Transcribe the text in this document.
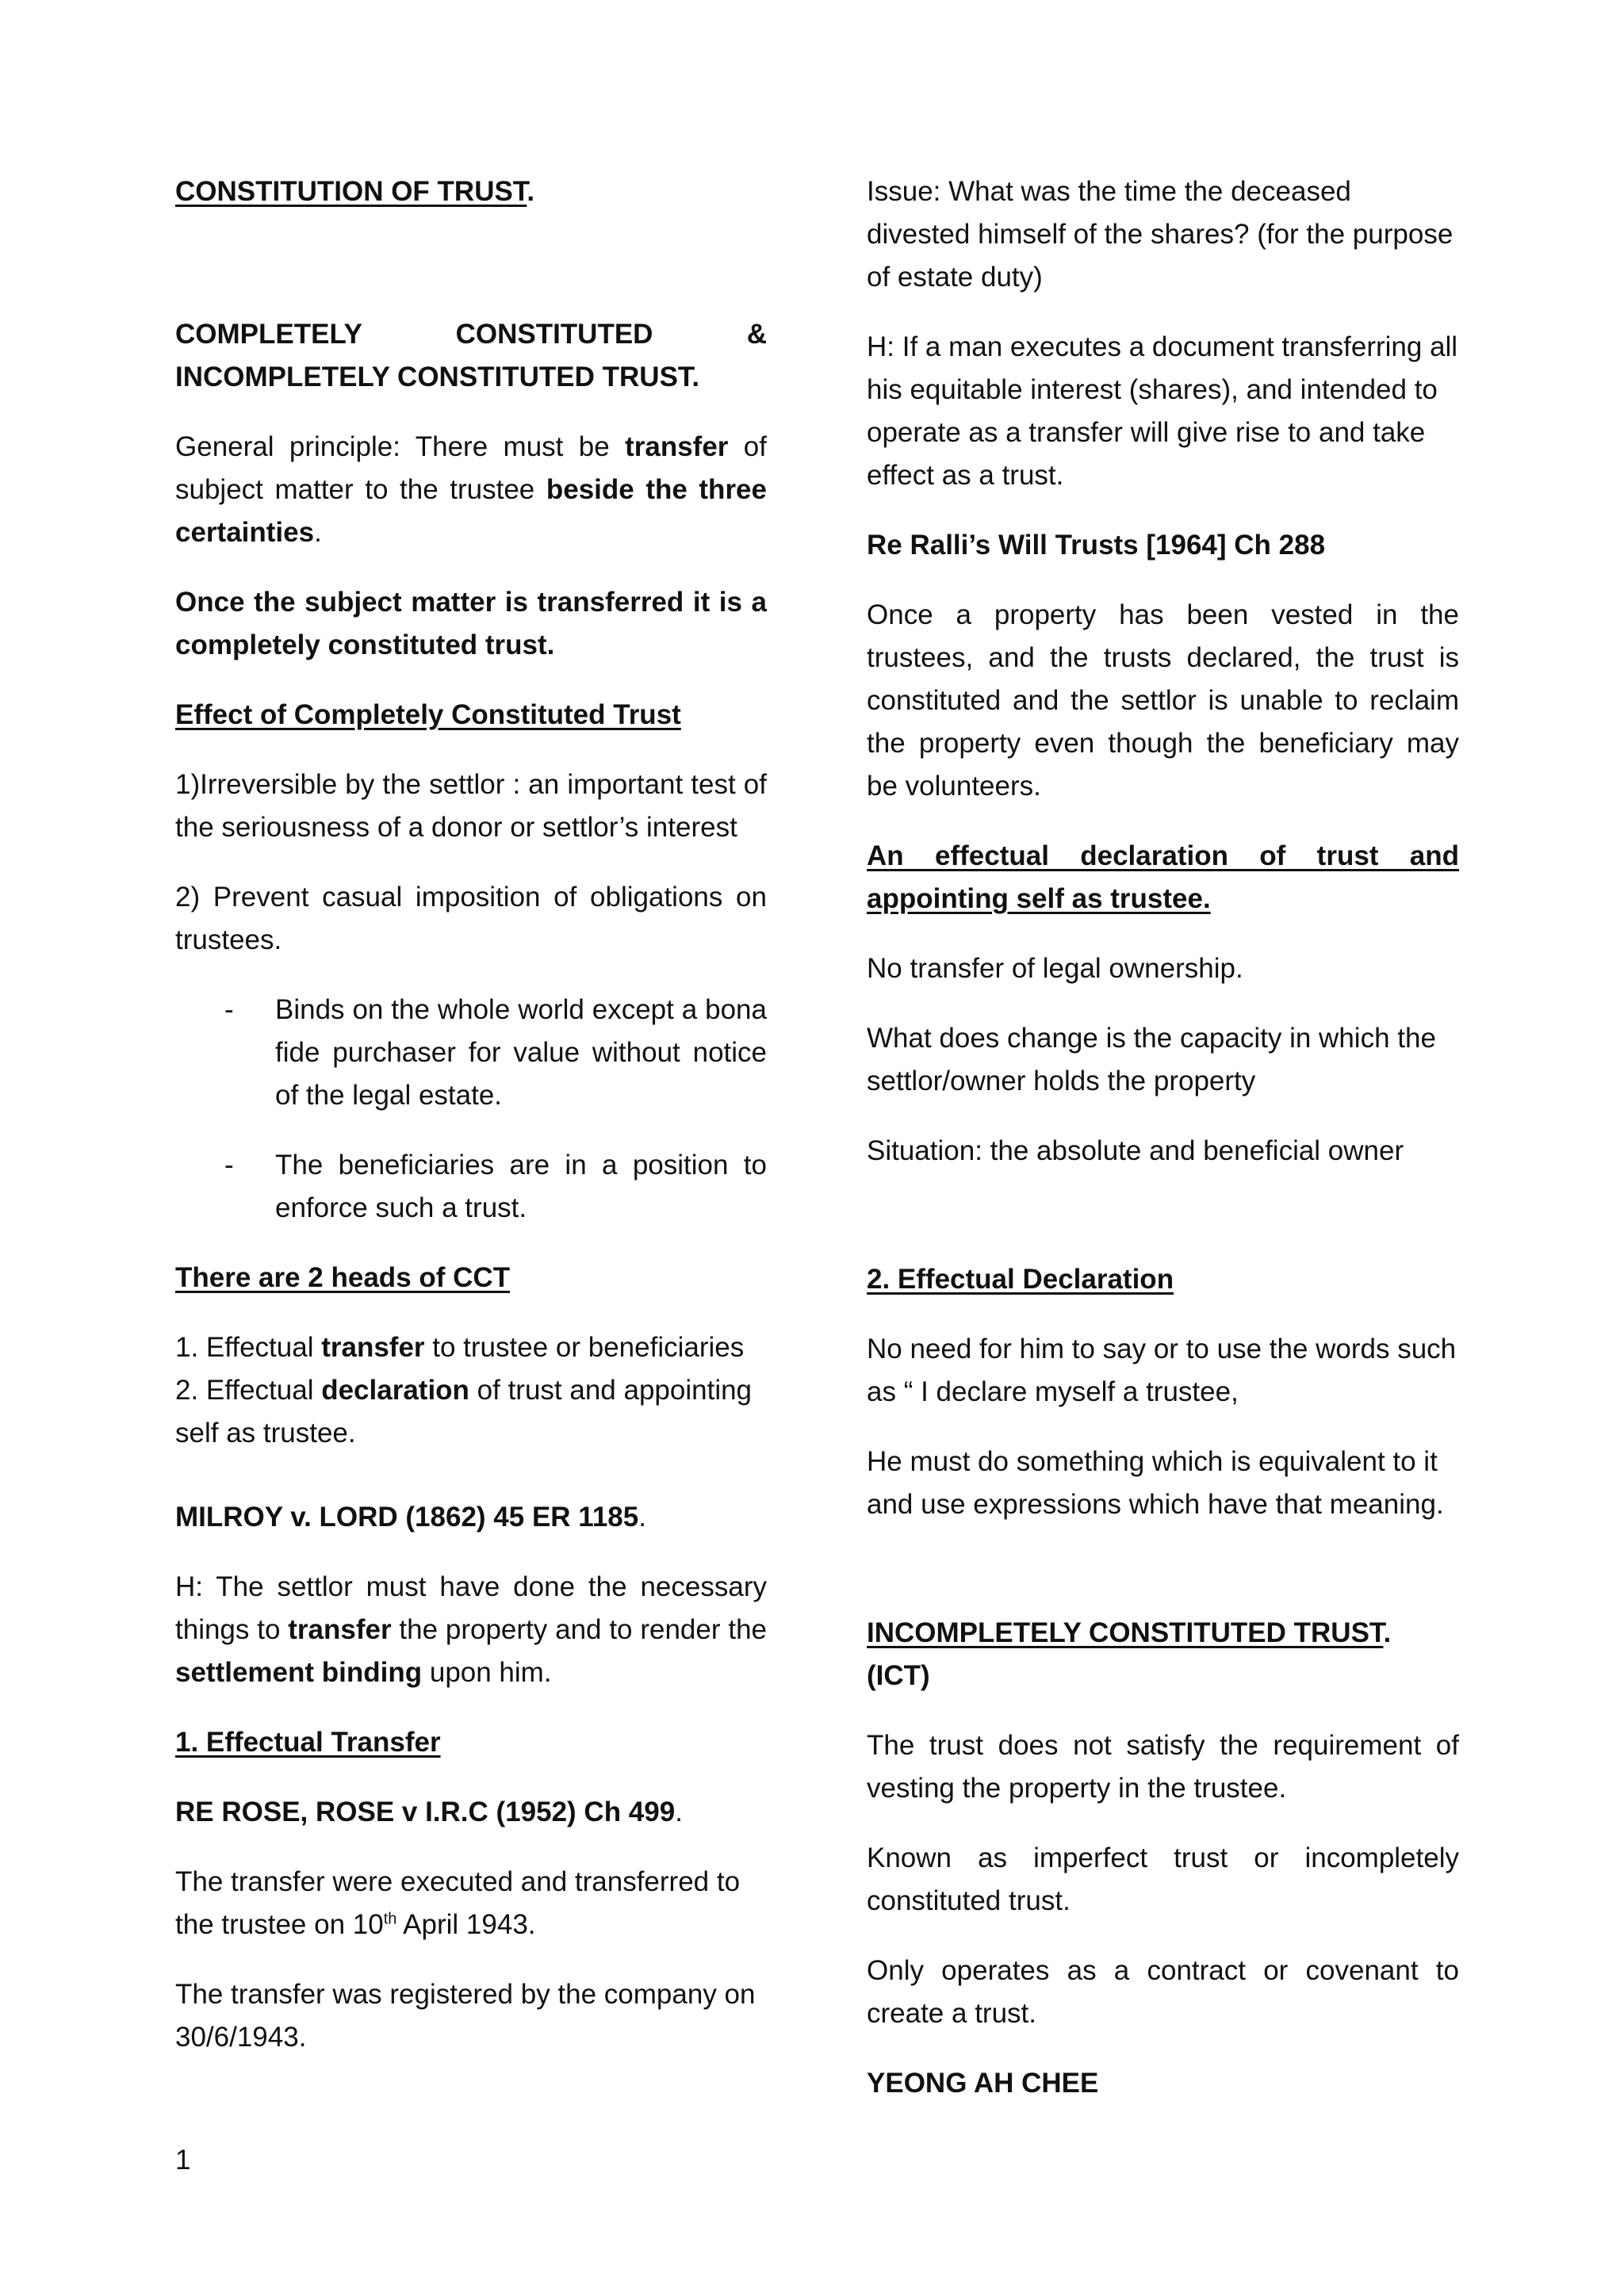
CONSTITUTION OF TRUST.

COMPLETELY CONSTITUTED & INCOMPLETELY CONSTITUTED TRUST.

General principle: There must be transfer of subject matter to the trustee beside the three certainties.

Once the subject matter is transferred it is a completely constituted trust.

Effect of Completely Constituted Trust

1)Irreversible by the settlor : an important test of the seriousness of a donor or settlor’s interest

2) Prevent casual imposition of obligations on trustees.

-	Binds on the whole world except a bona fide purchaser for value without notice of the legal estate.

-	The beneficiaries are in a position to enforce such a trust.

There are 2 heads of CCT

1. Effectual transfer to trustee or beneficiaries

2. Effectual declaration of trust and appointing self as trustee.

MILROY v. LORD (1862) 45 ER 1185.

H: The settlor must have done the necessary things to transfer the property and to render the settlement binding upon him.

1. Effectual Transfer

RE ROSE, ROSE v I.R.C (1952) Ch 499.

The transfer were executed and transferred to the trustee on 10th April 1943.

The transfer was registered by the company on 30/6/1943.

Issue: What was the time the deceased divested himself of the shares? (for the purpose of estate duty)

H: If a man executes a document transferring all his equitable interest (shares), and intended to operate as a transfer will give rise to and take effect as a trust.

Re Ralli’s Will Trusts [1964] Ch 288

Once a property has been vested in the trustees, and the trusts declared, the trust is constituted and the settlor is unable to reclaim the property even though the beneficiary may be volunteers.

An effectual declaration of trust and appointing self as trustee.

No transfer of legal ownership.

What does change is the capacity in which the settlor/owner holds the property

Situation: the absolute and beneficial owner

2. Effectual Declaration

No need for him to say or to use the words such as “ I declare myself a trustee,

He must do something which is equivalent to it and use expressions which have that meaning.

INCOMPLETELY CONSTITUTED TRUST. (ICT)

The trust does not satisfy the requirement of vesting the property in the trustee.

Known as imperfect trust or incompletely constituted trust.

Only operates as a contract or covenant to create a trust.

YEONG AH CHEE

1
